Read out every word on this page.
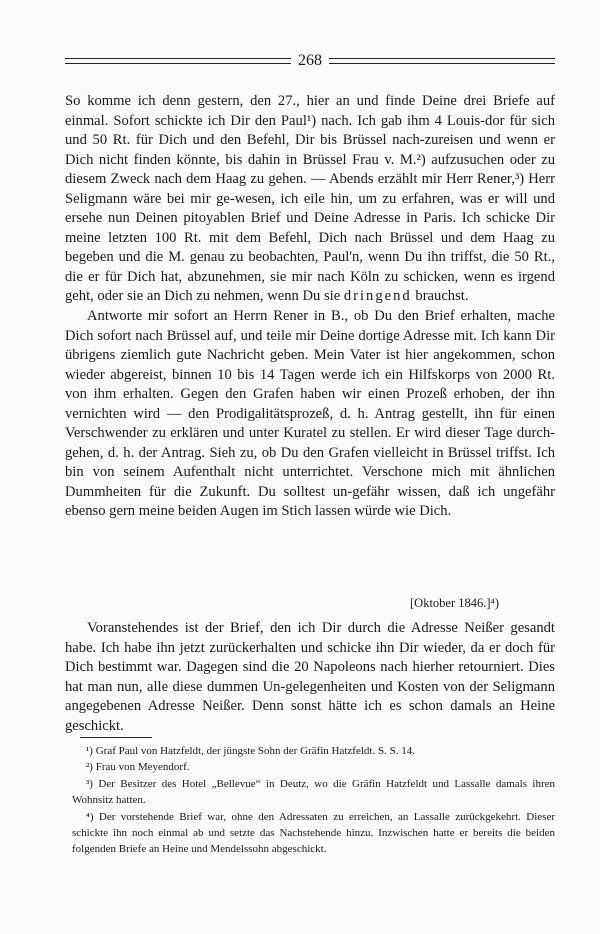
268

So komme ich denn gestern, den 27., hier an und finde Deine drei Briefe auf einmal. Sofort schickte ich Dir den Paul¹) nach. Ich gab ihm 4 Louis-dor für sich und 50 Rt. für Dich und den Befehl, Dir bis Brüssel nach-zureisen und wenn er Dich nicht finden könnte, bis dahin in Brüssel Frau v. M.²) aufzusuchen oder zu diesem Zweck nach dem Haag zu gehen. — Abends erzählt mir Herr Rener,³) Herr Seligmann wäre bei mir ge-wesen, ich eile hin, um zu erfahren, was er will und ersehe nun Deinen pitoyablen Brief und Deine Adresse in Paris. Ich schicke Dir meine letzten 100 Rt. mit dem Befehl, Dich nach Brüssel und dem Haag zu begeben und die M. genau zu beobachten, Paul'n, wenn Du ihn triffst, die 50 Rt., die er für Dich hat, abzunehmen, sie mir nach Köln zu schicken, wenn es irgend geht, oder sie an Dich zu nehmen, wenn Du sie dringend brauchst.

Antworte mir sofort an Herrn Rener in B., ob Du den Brief erhalten, mache Dich sofort nach Brüssel auf, und teile mir Deine dortige Adresse mit. Ich kann Dir übrigens ziemlich gute Nachricht geben. Mein Vater ist hier angekommen, schon wieder abgereist, binnen 10 bis 14 Tagen werde ich ein Hilfskorps von 2000 Rt. von ihm erhalten. Gegen den Grafen haben wir einen Prozeß erhoben, der ihn vernichten wird — den Prodigalitätsprozeß, d. h. Antrag gestellt, ihn für einen Verschwender zu erklären und unter Kuratel zu stellen. Er wird dieser Tage durch-gehen, d. h. der Antrag. Sieh zu, ob Du den Grafen vielleicht in Brüssel triffst. Ich bin von seinem Aufenthalt nicht unterrichtet. Verschone mich mit ähnlichen Dummheiten für die Zukunft. Du solltest un-gefähr wissen, daß ich ungefähr ebenso gern meine beiden Augen im Stich lassen würde wie Dich.

[Oktober 1846.]⁴)

Voranstehendes ist der Brief, den ich Dir durch die Adresse Neißer gesandt habe. Ich habe ihn jetzt zurückerhalten und schicke ihn Dir wieder, da er doch für Dich bestimmt war. Dagegen sind die 20 Napoleons nach hierher retourniert. Dies hat man nun, alle diese dummen Un-gelegenheiten und Kosten von der Seligmann angegebenen Adresse Neißer. Denn sonst hätte ich es schon damals an Heine geschickt.

¹) Graf Paul von Hatzfeldt, der jüngste Sohn der Gräfin Hatzfeldt. S. S. 14.

²) Frau von Meyendorf.

³) Der Besitzer des Hotel „Bellevue“ in Deutz, wo die Gräfin Hatzfeldt und Lassalle damals ihren Wohnsitz hatten.

⁴) Der vorstehende Brief war, ohne den Adressaten zu erreichen, an Lassalle zurückgekehrt. Dieser schickte ihn noch einmal ab und setzte das Nachstehende hinzu. Inzwischen hatte er bereits die beiden folgenden Briefe an Heine und Mendelssohn abgeschickt.
